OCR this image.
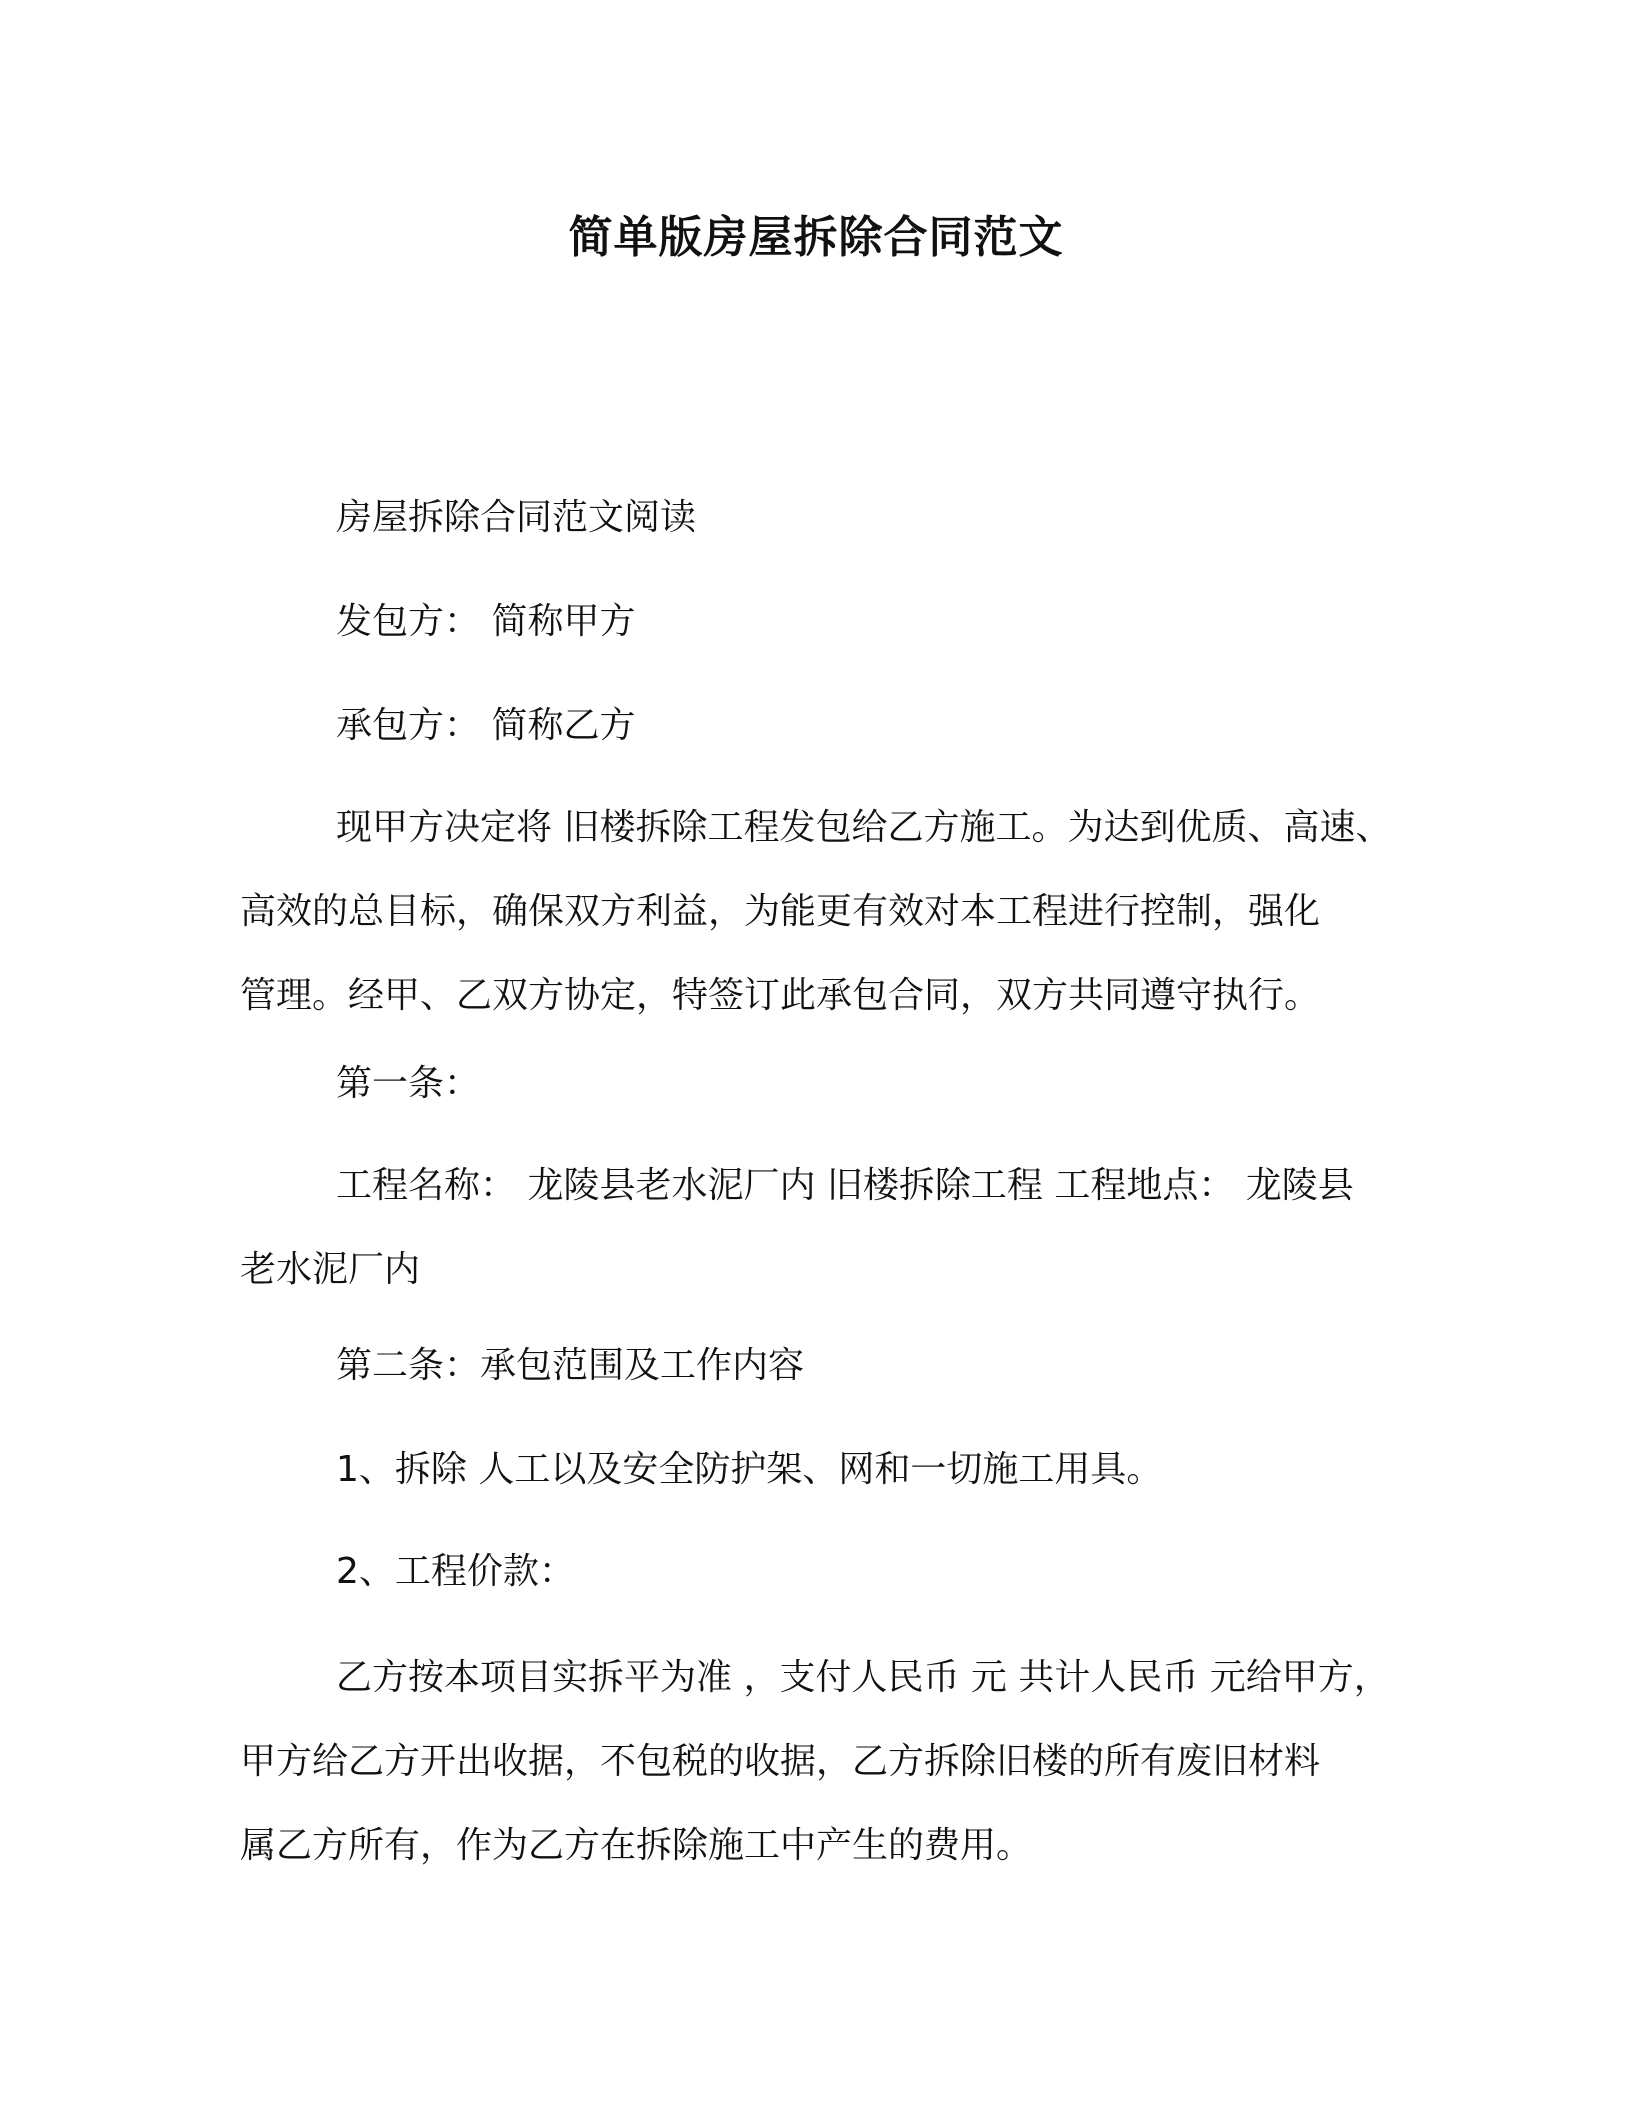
简单版房屋拆除合同范文

房屋拆除合同范文阅读

发包方： 简称甲方

承包方： 简称乙方

现甲方决定将 旧楼拆除工程发包给乙方施工。为达到优质、高速、
高效的总目标，确保双方利益，为能更有效对本工程进行控制，强化
管理。经甲、乙双方协定，特签订此承包合同，双方共同遵守执行。

第一条：

工程名称： 龙陵县老水泥厂内 旧楼拆除工程 工程地点： 龙陵县
老水泥厂内

第二条：承包范围及工作内容

1、拆除 人工以及安全防护架、网和一切施工用具。

2、工程价款：

乙方按本项目实拆平为准 ，支付人民币 元 共计人民币 元给甲方，
甲方给乙方开出收据，不包税的收据，乙方拆除旧楼的所有废旧材料
属乙方所有，作为乙方在拆除施工中产生的费用。
